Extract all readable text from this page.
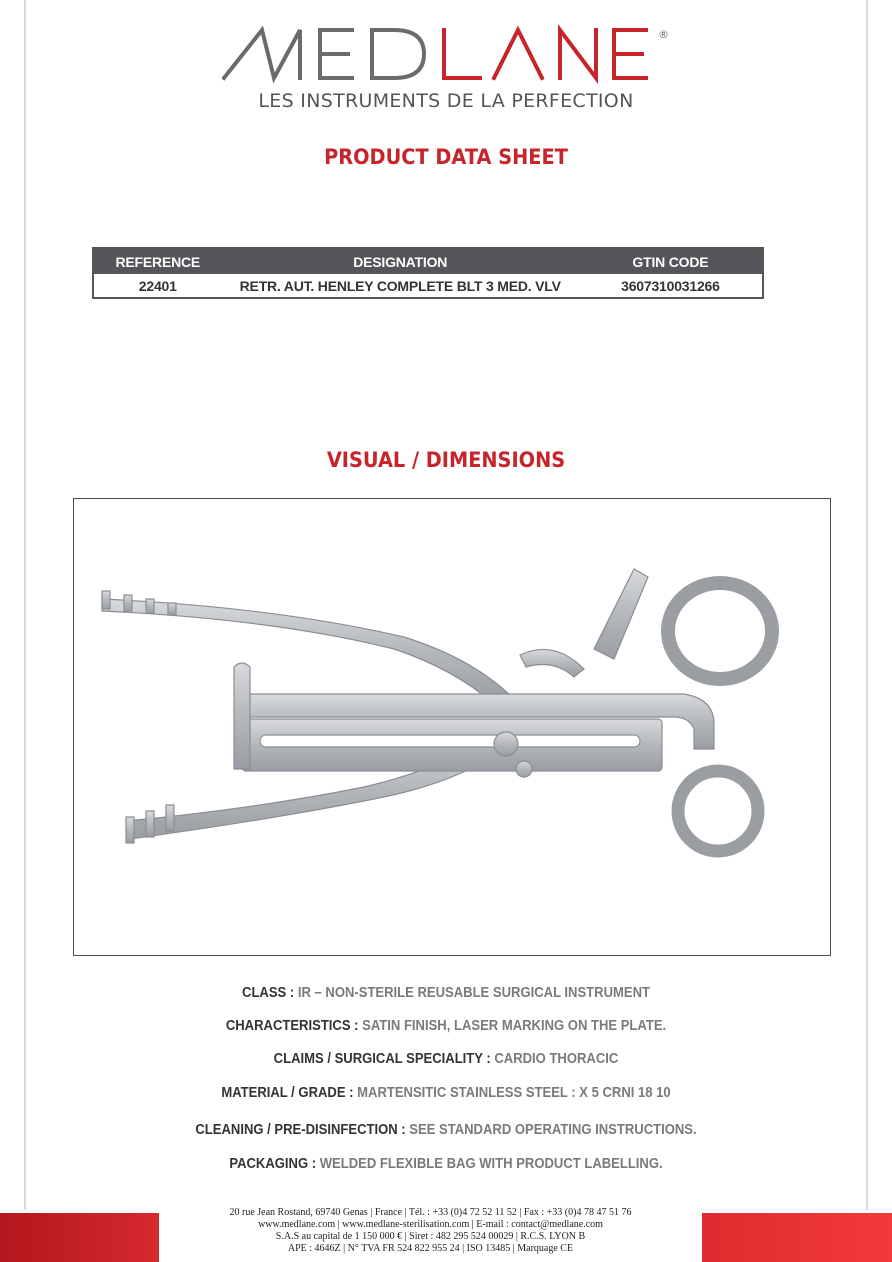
®
LES INSTRUMENTS DE LA PERFECTION
PRODUCT DATA SHEET
REFERENCE	DESIGNATION	GTIN CODE
22401	RETR. AUT. HENLEY COMPLETE BLT 3 MED. VLV	3607310031266
VISUAL / DIMENSIONS
CLASS : IR – NON-STERILE REUSABLE SURGICAL INSTRUMENT
CHARACTERISTICS : SATIN FINISH, LASER MARKING ON THE PLATE.
CLAIMS / SURGICAL SPECIALITY : CARDIO THORACIC
MATERIAL / GRADE : MARTENSITIC STAINLESS STEEL : X 5 CRNI 18 10
CLEANING / PRE-DISINFECTION : SEE STANDARD OPERATING INSTRUCTIONS.
PACKAGING : WELDED FLEXIBLE BAG WITH PRODUCT LABELLING.
20 rue Jean Rostand, 69740 Genas | France | Tél. : +33 (0)4 72 52 11 52 | Fax : +33 (0)4 78 47 51 76
www.medlane.com | www.medlane-sterilisation.com | E-mail : contact@medlane.com
S.A.S au capital de 1 150 000 € | Siret : 482 295 524 00029 | R.C.S. LYON B
APE : 4646Z | N° TVA FR 524 822 955 24 | ISO 13485 | Marquage CE
